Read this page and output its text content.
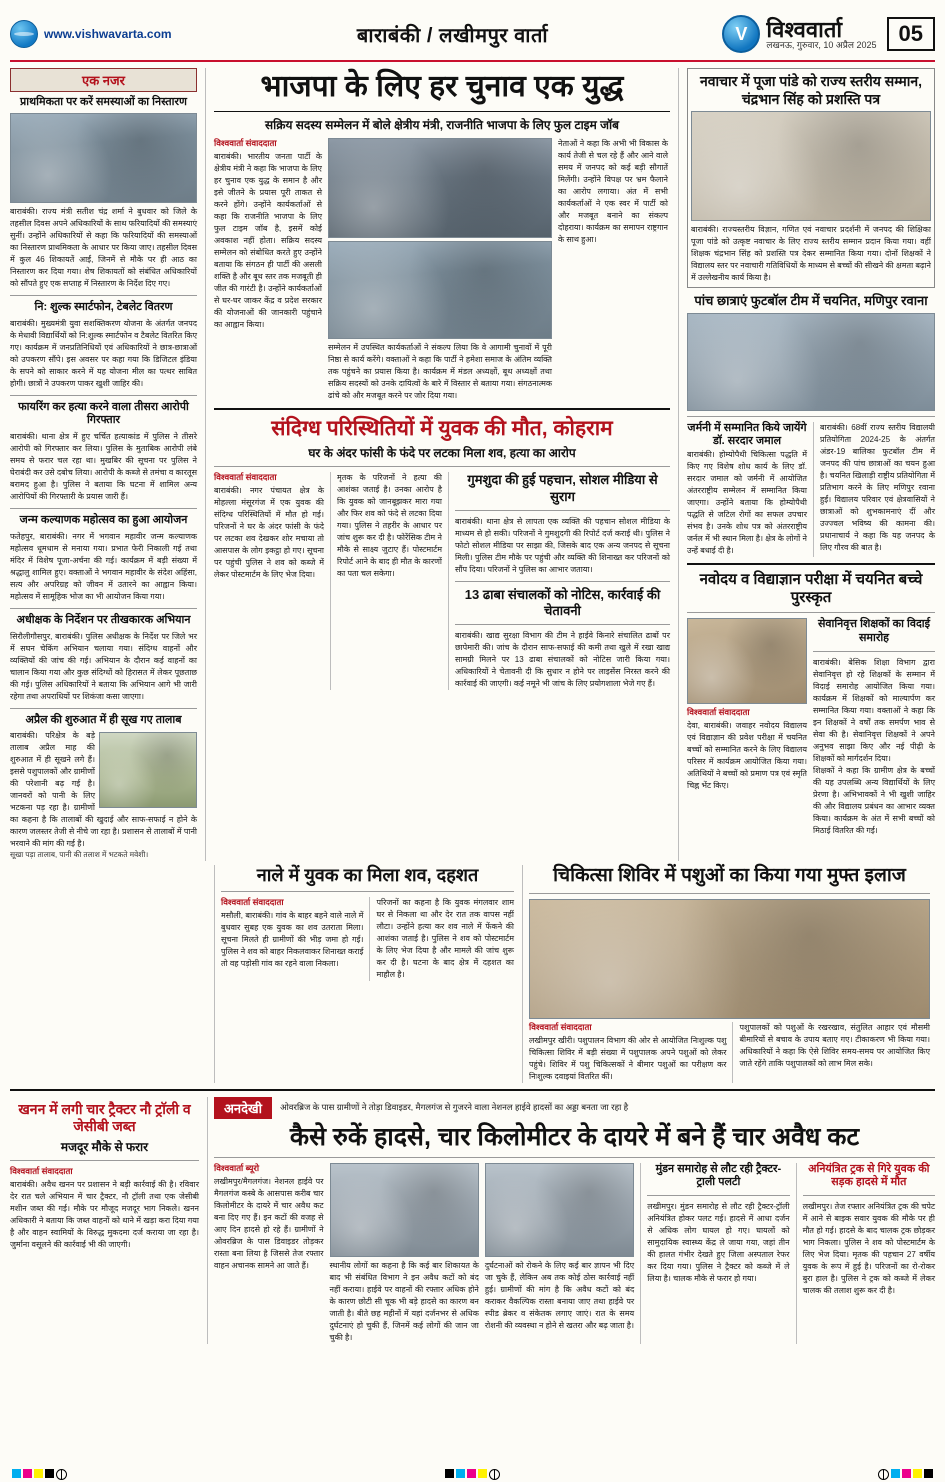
www.vishwavarta.com	बाराबंकी / लखीमपुर वार्ता	V विश्ववार्ता
लखनऊ, गुरुवार, 10 अप्रैल 2025	05
एक नजर
प्राथमिकता पर करें समस्याओं का निस्तारण
बाराबंकी। राज्य मंत्री सतीश चंद्र शर्मा ने बुधवार को जिले के तहसील दिवस अपने अधिकारियों के साथ फरियादियों की समस्याएं सुनीं। उन्होंने अधिकारियों से कहा कि फरियादियों की समस्याओं का निस्तारण प्राथमिकता के आधार पर किया जाए। तहसील दिवस में कुल 46 शिकायतें आईं, जिनमें से मौके पर ही आठ का निस्तारण कर दिया गया। शेष शिकायतों को संबंधित अधिकारियों को सौंपते हुए एक सप्ताह में निस्तारण के निर्देश दिए गए।
नि: शुल्क स्मार्टफोन, टेबलेट वितरण
बाराबंकी। मुख्यमंत्री युवा सशक्तिकरण योजना के अंतर्गत जनपद के मेधावी विद्यार्थियों को नि:शुल्क स्मार्टफोन व टैबलेट वितरित किए गए। कार्यक्रम में जनप्रतिनिधियों एवं अधिकारियों ने छात्र-छात्राओं को उपकरण सौंपे। इस अवसर पर कहा गया कि डिजिटल इंडिया के सपने को साकार करने में यह योजना मील का पत्थर साबित होगी। छात्रों ने उपकरण पाकर खुशी जाहिर की।
फायरिंग कर हत्या करने वाला तीसरा आरोपी गिरफ्तार
बाराबंकी। थाना क्षेत्र में हुए चर्चित हत्याकांड में पुलिस ने तीसरे आरोपी को गिरफ्तार कर लिया। पुलिस के मुताबिक आरोपी लंबे समय से फरार चल रहा था। मुखबिर की सूचना पर पुलिस ने घेराबंदी कर उसे दबोच लिया। आरोपी के कब्जे से तमंचा व कारतूस बरामद हुआ है। पुलिस ने बताया कि घटना में शामिल अन्य आरोपियों की गिरफ्तारी के प्रयास जारी हैं।
जन्म कल्याणक महोत्सव का हुआ आयोजन
फतेहपुर, बाराबंकी। नगर में भगवान महावीर जन्म कल्याणक महोत्सव धूमधाम से मनाया गया। प्रभात फेरी निकाली गई तथा मंदिर में विशेष पूजा-अर्चना की गई। कार्यक्रम में बड़ी संख्या में श्रद्धालु शामिल हुए। वक्ताओं ने भगवान महावीर के संदेश अहिंसा, सत्य और अपरिग्रह को जीवन में उतारने का आह्वान किया। महोत्सव में सामूहिक भोज का भी आयोजन किया गया।
अधीक्षक के निर्देशन पर तीखकारक अभियान
सिरौलीगौसपुर, बाराबंकी। पुलिस अधीक्षक के निर्देश पर जिले भर में सघन चेकिंग अभियान चलाया गया। संदिग्ध वाहनों और व्यक्तियों की जांच की गई। अभियान के दौरान कई वाहनों का चालान किया गया और कुछ संदिग्धों को हिरासत में लेकर पूछताछ की गई। पुलिस अधिकारियों ने बताया कि अभियान आगे भी जारी रहेगा तथा अपराधियों पर शिकंजा कसा जाएगा।
अप्रैल की शुरुआत में ही सूख गए तालाब
बाराबंकी। परिक्षेत्र के बड़े तालाब अप्रैल माह की शुरुआत में ही सूखने लगे हैं। इससे पशुपालकों और ग्रामीणों की परेशानी बढ़ गई है। जानवरों को पानी के लिए भटकना पड़ रहा है। ग्रामीणों का कहना है कि तालाबों की खुदाई और साफ-सफाई न होने के कारण जलस्तर तेजी से नीचे जा रहा है। प्रशासन से तालाबों में पानी भरवाने की मांग की गई है।
सूखा पड़ा तालाब, पानी की तलाश में भटकते मवेशी।
भाजपा के लिए हर चुनाव एक युद्ध
सक्रिय सदस्य सम्मेलन में बोले क्षेत्रीय मंत्री, राजनीति भाजपा के लिए फुल टाइम जॉब
विश्ववार्ता संवाददाता
बाराबंकी। भारतीय जनता पार्टी के क्षेत्रीय मंत्री ने कहा कि भाजपा के लिए हर चुनाव एक युद्ध के समान है और इसे जीतने के प्रयास पूरी ताकत से करने होंगे। उन्होंने कार्यकर्ताओं से कहा कि राजनीति भाजपा के लिए फुल टाइम जॉब है, इसमें कोई अवकाश नहीं होता। सक्रिय सदस्य सम्मेलन को संबोधित करते हुए उन्होंने बताया कि संगठन ही पार्टी की असली शक्ति है और बूथ स्तर तक मजबूती ही जीत की गारंटी है। उन्होंने कार्यकर्ताओं से घर-घर जाकर केंद्र व प्रदेश सरकार की योजनाओं की जानकारी पहुंचाने का आह्वान किया।
सम्मेलन में उपस्थित कार्यकर्ताओं ने संकल्प लिया कि वे आगामी चुनावों में पूरी निष्ठा से कार्य करेंगे। वक्ताओं ने कहा कि पार्टी ने हमेशा समाज के अंतिम व्यक्ति तक पहुंचने का प्रयास किया है। कार्यक्रम में मंडल अध्यक्षों, बूथ अध्यक्षों तथा सक्रिय सदस्यों को उनके दायित्वों के बारे में विस्तार से बताया गया। संगठनात्मक ढांचे को और मजबूत करने पर जोर दिया गया।
नेताओं ने कहा कि अभी भी विकास के कार्य तेजी से चल रहे हैं और आने वाले समय में जनपद को कई बड़ी सौगातें मिलेंगी। उन्होंने विपक्ष पर भ्रम फैलाने का आरोप लगाया। अंत में सभी कार्यकर्ताओं ने एक स्वर में पार्टी को और मजबूत बनाने का संकल्प दोहराया। कार्यक्रम का समापन राष्ट्रगान के साथ हुआ।
संदिग्ध परिस्थितियों में युवक की मौत, कोहराम
घर के अंदर फांसी के फंदे पर लटका मिला शव, हत्या का आरोप
विश्ववार्ता संवाददाता
बाराबंकी। नगर पंचायत क्षेत्र के मोहल्ला मंसूरगंज में एक युवक की संदिग्ध परिस्थितियों में मौत हो गई। परिजनों ने घर के अंदर फांसी के फंदे पर लटका शव देखकर शोर मचाया तो आसपास के लोग इकट्ठा हो गए। सूचना पर पहुंची पुलिस ने शव को कब्जे में लेकर पोस्टमार्टम के लिए भेज दिया।
मृतक के परिजनों ने हत्या की आशंका जताई है। उनका आरोप है कि युवक को जानबूझकर मारा गया और फिर शव को फंदे से लटका दिया गया। पुलिस ने तहरीर के आधार पर जांच शुरू कर दी है। फोरेंसिक टीम ने मौके से साक्ष्य जुटाए हैं। पोस्टमार्टम रिपोर्ट आने के बाद ही मौत के कारणों का पता चल सकेगा।
गुमशुदा की हुई पहचान, सोशल मीडिया से सुराग
बाराबंकी। थाना क्षेत्र से लापता एक व्यक्ति की पहचान सोशल मीडिया के माध्यम से हो सकी। परिजनों ने गुमशुदगी की रिपोर्ट दर्ज कराई थी। पुलिस ने फोटो सोशल मीडिया पर साझा की, जिसके बाद एक अन्य जनपद से सूचना मिली। पुलिस टीम मौके पर पहुंची और व्यक्ति की शिनाख्त कर परिजनों को सौंप दिया। परिजनों ने पुलिस का आभार जताया।
13 ढाबा संचालकों को नोटिस, कार्रवाई की चेतावनी
बाराबंकी। खाद्य सुरक्षा विभाग की टीम ने हाईवे किनारे संचालित ढाबों पर छापेमारी की। जांच के दौरान साफ-सफाई की कमी तथा खुले में रखा खाद्य सामग्री मिलने पर 13 ढाबा संचालकों को नोटिस जारी किया गया। अधिकारियों ने चेतावनी दी कि सुधार न होने पर लाइसेंस निरस्त करने की कार्रवाई की जाएगी। कई नमूने भी जांच के लिए प्रयोगशाला भेजे गए हैं।
नवाचार में पूजा पांडे को राज्य स्तरीय सम्मान, चंद्रभान सिंह को प्रशस्ति पत्र
बाराबंकी। राज्यस्तरीय विज्ञान, गणित एवं नवाचार प्रदर्शनी में जनपद की शिक्षिका पूजा पांडे को उत्कृष्ट नवाचार के लिए राज्य स्तरीय सम्मान प्रदान किया गया। वहीं शिक्षक चंद्रभान सिंह को प्रशस्ति पत्र देकर सम्मानित किया गया। दोनों शिक्षकों ने विद्यालय स्तर पर नवाचारी गतिविधियों के माध्यम से बच्चों की सीखने की क्षमता बढ़ाने में उल्लेखनीय कार्य किया है।
पांच छात्राएं फुटबॉल टीम में चयनित, मणिपुर रवाना
जर्मनी में सम्मानित किये जायेंगे डॉ. सरदार जमाल
बाराबंकी। होम्योपैथी चिकित्सा पद्धति में किए गए विशेष शोध कार्य के लिए डॉ. सरदार जमाल को जर्मनी में आयोजित अंतरराष्ट्रीय सम्मेलन में सम्मानित किया जाएगा। उन्होंने बताया कि होम्योपैथी पद्धति से जटिल रोगों का सफल उपचार संभव है। उनके शोध पत्र को अंतरराष्ट्रीय जर्नल में भी स्थान मिला है। क्षेत्र के लोगों ने उन्हें बधाई दी है।
बाराबंकी। 68वीं राज्य स्तरीय विद्यालयी प्रतियोगिता 2024-25 के अंतर्गत अंडर-19 बालिका फुटबॉल टीम में जनपद की पांच छात्राओं का चयन हुआ है। चयनित खिलाड़ी राष्ट्रीय प्रतियोगिता में प्रतिभाग करने के लिए मणिपुर रवाना हुईं। विद्यालय परिवार एवं क्षेत्रवासियों ने छात्राओं को शुभकामनाएं दीं और उज्ज्वल भविष्य की कामना की। प्रधानाचार्य ने कहा कि यह जनपद के लिए गौरव की बात है।
नवोदय व विद्याज्ञान परीक्षा में चयनित बच्चे पुरस्कृत
विश्ववार्ता संवाददाता
देवा, बाराबंकी। जवाहर नवोदय विद्यालय एवं विद्याज्ञान की प्रवेश परीक्षा में चयनित बच्चों को सम्मानित करने के लिए विद्यालय परिसर में कार्यक्रम आयोजित किया गया। अतिथियों ने बच्चों को प्रमाण पत्र एवं स्मृति चिह्न भेंट किए।
सेवानिवृत्त शिक्षकों का विदाई समारोह
बाराबंकी। बेसिक शिक्षा विभाग द्वारा सेवानिवृत्त हो रहे शिक्षकों के सम्मान में विदाई समारोह आयोजित किया गया। कार्यक्रम में शिक्षकों को माल्यार्पण कर सम्मानित किया गया। वक्ताओं ने कहा कि इन शिक्षकों ने वर्षों तक समर्पण भाव से सेवा की है। सेवानिवृत्त शिक्षकों ने अपने अनुभव साझा किए और नई पीढ़ी के शिक्षकों को मार्गदर्शन दिया।
शिक्षकों ने कहा कि ग्रामीण क्षेत्र के बच्चों की यह उपलब्धि अन्य विद्यार्थियों के लिए प्रेरणा है। अभिभावकों ने भी खुशी जाहिर की और विद्यालय प्रबंधन का आभार व्यक्त किया। कार्यक्रम के अंत में सभी बच्चों को मिठाई वितरित की गई।
नाले में युवक का मिला शव, दहशत
विश्ववार्ता संवाददाता
मसौली, बाराबंकी। गांव के बाहर बहने वाले नाले में बुधवार सुबह एक युवक का शव उतराता मिला। सूचना मिलते ही ग्रामीणों की भीड़ जमा हो गई। पुलिस ने शव को बाहर निकलवाकर शिनाख्त कराई तो वह पड़ोसी गांव का रहने वाला निकला।
परिजनों का कहना है कि युवक मंगलवार शाम घर से निकला था और देर रात तक वापस नहीं लौटा। उन्होंने हत्या कर शव नाले में फेंकने की आशंका जताई है। पुलिस ने शव को पोस्टमार्टम के लिए भेज दिया है और मामले की जांच शुरू कर दी है। घटना के बाद क्षेत्र में दहशत का माहौल है।
चिकित्सा शिविर में पशुओं का किया गया मुफ्त इलाज
विश्ववार्ता संवाददाता
लखीमपुर खीरी। पशुपालन विभाग की ओर से आयोजित निःशुल्क पशु चिकित्सा शिविर में बड़ी संख्या में पशुपालक अपने पशुओं को लेकर पहुंचे। शिविर में पशु चिकित्सकों ने बीमार पशुओं का परीक्षण कर निःशुल्क दवाइयां वितरित कीं।
पशुपालकों को पशुओं के रखरखाव, संतुलित आहार एवं मौसमी बीमारियों से बचाव के उपाय बताए गए। टीकाकरण भी किया गया। अधिकारियों ने कहा कि ऐसे शिविर समय-समय पर आयोजित किए जाते रहेंगे ताकि पशुपालकों को लाभ मिल सके।
खनन में लगी चार ट्रैक्टर नौ ट्राॅली व जेसीबी जब्त
मजदूर मौके से फरार
विश्ववार्ता संवाददाता
बाराबंकी। अवैध खनन पर प्रशासन ने बड़ी कार्रवाई की है। रविवार देर रात चले अभियान में चार ट्रैक्टर, नौ ट्रॉली तथा एक जेसीबी मशीन जब्त की गई। मौके पर मौजूद मजदूर भाग निकले। खनन अधिकारी ने बताया कि जब्त वाहनों को थाने में खड़ा करा दिया गया है और वाहन स्वामियों के विरुद्ध मुकदमा दर्ज कराया जा रहा है। जुर्माना वसूलने की कार्रवाई भी की जाएगी।
अनदेखी	ओवरब्रिज के पास ग्रामीणों ने तोड़ा डिवाइडर, मैगलगंज से गुजरने वाला नेशनल हाईवे हादसों का अड्डा बनता जा रहा है
कैसे रुकें हादसे, चार किलोमीटर के दायरे में बने हैं चार अवैध कट
विश्ववार्ता ब्यूरो
लखीमपुर/मैगलगंज। नेशनल हाईवे पर मैगलगंज कस्बे के आसपास करीब चार किलोमीटर के दायरे में चार अवैध कट बना दिए गए हैं। इन कटों की वजह से आए दिन हादसे हो रहे हैं। ग्रामीणों ने ओवरब्रिज के पास डिवाइडर तोड़कर रास्ता बना लिया है जिससे तेज रफ्तार वाहन अचानक सामने आ जाते हैं।	स्थानीय लोगों का कहना है कि कई बार शिकायत के बाद भी संबंधित विभाग ने इन अवैध कटों को बंद नहीं कराया। हाईवे पर वाहनों की रफ्तार अधिक होने के कारण छोटी सी चूक भी बड़े हादसे का कारण बन जाती है। बीते छह महीनों में यहां दर्जनभर से अधिक दुर्घटनाएं हो चुकी हैं, जिनमें कई लोगों की जान जा चुकी है।
दुर्घटनाओं को रोकने के लिए कई बार ज्ञापन भी दिए जा चुके हैं, लेकिन अब तक कोई ठोस कार्रवाई नहीं हुई। ग्रामीणों की मांग है कि अवैध कटों को बंद कराकर वैकल्पिक रास्ता बनाया जाए तथा हाईवे पर स्पीड ब्रेकर व संकेतक लगाए जाएं। रात के समय रोशनी की व्यवस्था न होने से खतरा और बढ़ जाता है।
मुंडन समारोह से लौट रही ट्रैक्टर-ट्राली पलटी
लखीमपुर। मुंडन समारोह से लौट रही ट्रैक्टर-ट्रॉली अनियंत्रित होकर पलट गई। हादसे में आधा दर्जन से अधिक लोग घायल हो गए। घायलों को सामुदायिक स्वास्थ्य केंद्र ले जाया गया, जहां तीन की हालत गंभीर देखते हुए जिला अस्पताल रेफर कर दिया गया। पुलिस ने ट्रैक्टर को कब्जे में ले लिया है। चालक मौके से फरार हो गया।
अनियंत्रित ट्रक से गिरे युवक की सड़क हादसे में मौत
लखीमपुर। तेज रफ्तार अनियंत्रित ट्रक की चपेट में आने से बाइक सवार युवक की मौके पर ही मौत हो गई। हादसे के बाद चालक ट्रक छोड़कर भाग निकला। पुलिस ने शव को पोस्टमार्टम के लिए भेज दिया। मृतक की पहचान 27 वर्षीय युवक के रूप में हुई है। परिजनों का रो-रोकर बुरा हाल है। पुलिस ने ट्रक को कब्जे में लेकर चालक की तलाश शुरू कर दी है।
